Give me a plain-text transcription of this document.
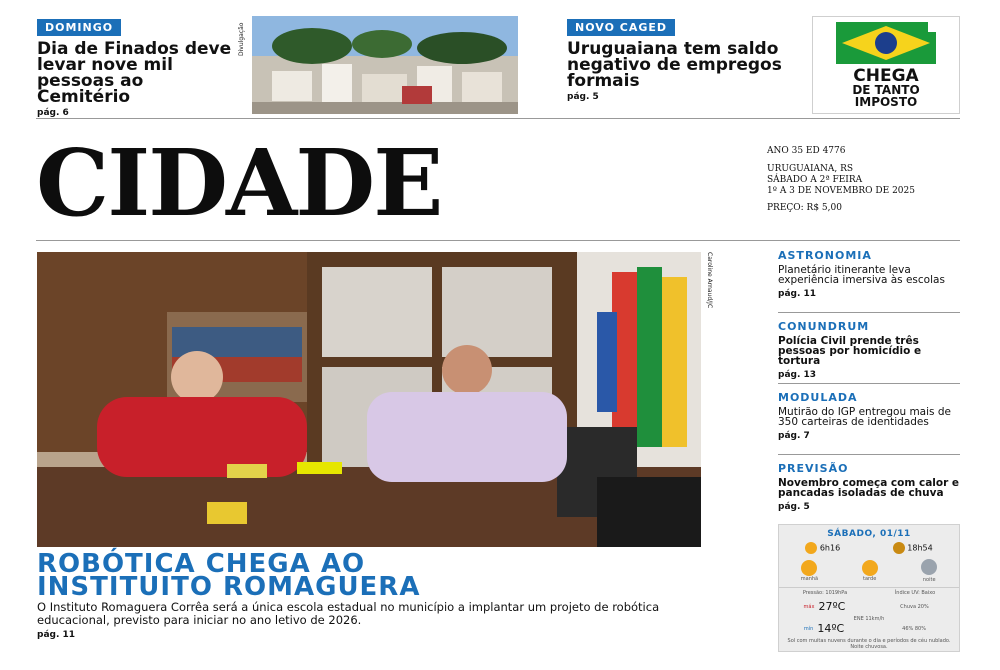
DOMINGO
Dia de Finados deve levar nove mil pessoas ao Cemitério
pág. 6
Divulgação	NOVO CAGED
Uruguaiana tem saldo negativo de empregos formais
pág. 5
CHEGA
DE TANTO
IMPOSTO
CIDADE	ANO 35 ED 4776
URUGUAIANA, RS
SÁBADO A 2ª FEIRA
1º A 3 DE NOVEMBRO DE 2025
PREÇO: R$ 5,00
Caroline Arnaud/JC
ROBÓTICA CHEGA AO
INSTITUITO ROMAGUERA
O Instituto Romaguera Corrêa será a única escola estadual no município a implantar um projeto de robótica educacional, previsto para iniciar no ano letivo de 2026.
pág. 11
ASTRONOMIA
Planetário itinerante leva experiência imersiva às escolas
pág. 11
CONUNDRUM
Polícia Civil prende três pessoas por homicídio e tortura
pág. 13
MODULADA
Mutirão do IGP entregou mais de 350 carteiras de identidades
pág. 7
PREVISÃO
Novembro começa com calor e pancadas isoladas de chuva
pág. 5
SÁBADO, 01/11
6h16	18h54
manhã	tarde	noite
Pressão: 1019hPa	Índice UV: Baixo
máx 27ºC	Chuva 20%
ENE 11km/h
mín 14ºC	46% 80%
Sol com muitas nuvens durante o dia e períodos de céu nublado. Noite chuvosa.
